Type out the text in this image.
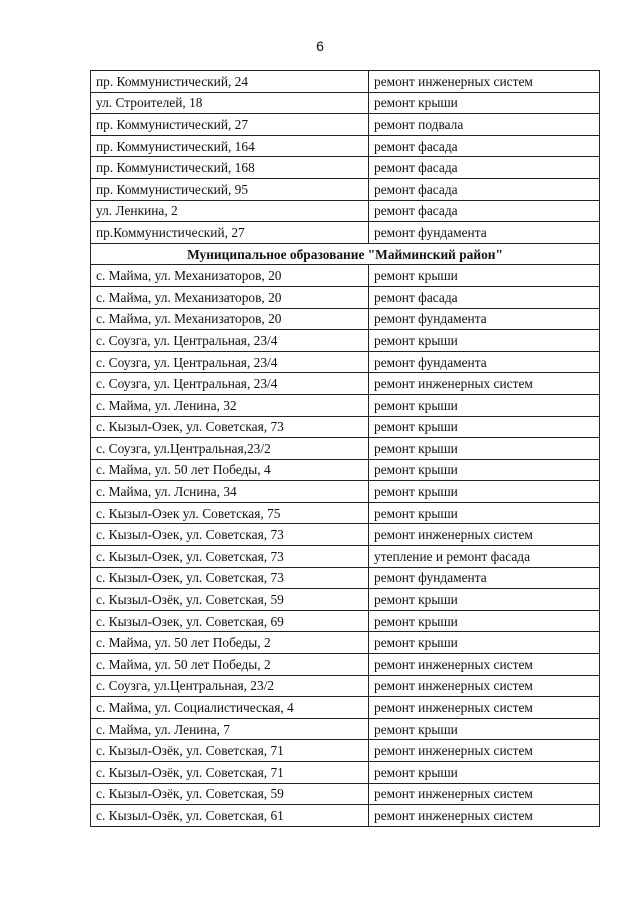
6
пр. Коммунистический, 24	ремонт инженерных систем
ул. Строителей, 18	ремонт крыши
пр. Коммунистический, 27	ремонт подвала
пр. Коммунистический, 164	ремонт фасада
пр. Коммунистический, 168	ремонт фасада
пр. Коммунистический, 95	ремонт фасада
ул. Ленкина, 2	ремонт фасада
пр.Коммунистический, 27	ремонт фундамента
Муниципальное образование "Майминский район"	
с. Майма, ул. Механизаторов, 20	ремонт крыши
с. Майма, ул. Механизаторов, 20	ремонт фасада
с. Майма, ул. Механизаторов, 20	ремонт фундамента
с. Соузга, ул. Центральная, 23/4	ремонт крыши
с. Соузга, ул. Центральная, 23/4	ремонт фундамента
с. Соузга, ул. Центральная, 23/4	ремонт инженерных систем
с. Майма, ул. Ленина, 32	ремонт крыши
с. Кызыл-Озек, ул. Советская, 73	ремонт крыши
с. Соузга, ул.Центральная,23/2	ремонт крыши
с. Майма, ул. 50 лет Победы, 4	ремонт крыши
с. Майма, ул. Лснина, 34	ремонт крыши
с. Кызыл-Озек ул. Советская, 75	ремонт крыши
с. Кызыл-Озек, ул. Советская, 73	ремонт инженерных систем
с. Кызыл-Озек, ул. Советская, 73	утепление и ремонт фасада
с. Кызыл-Озек, ул. Советская, 73	ремонт фундамента
с. Кызыл-Озёк, ул. Советская, 59	ремонт крыши
с. Кызыл-Озек, ул. Советская, 69	ремонт крыши
с. Майма, ул. 50 лет Победы, 2	ремонт крыши
с. Майма, ул. 50 лет Победы, 2	ремонт инженерных систем
с. Соузга, ул.Центральная, 23/2	ремонт инженерных систем
с. Майма, ул. Социалистическая, 4	ремонт инженерных систем
с. Майма, ул. Ленина, 7	ремонт крыши
с. Кызыл-Озёк, ул. Советская, 71	ремонт инженерных систем
с. Кызыл-Озёк, ул. Советская, 71	ремонт крыши
с. Кызыл-Озёк, ул. Советская, 59	ремонт инженерных систем
с. Кызыл-Озёк, ул. Советская, 61	ремонт инженерных систем
